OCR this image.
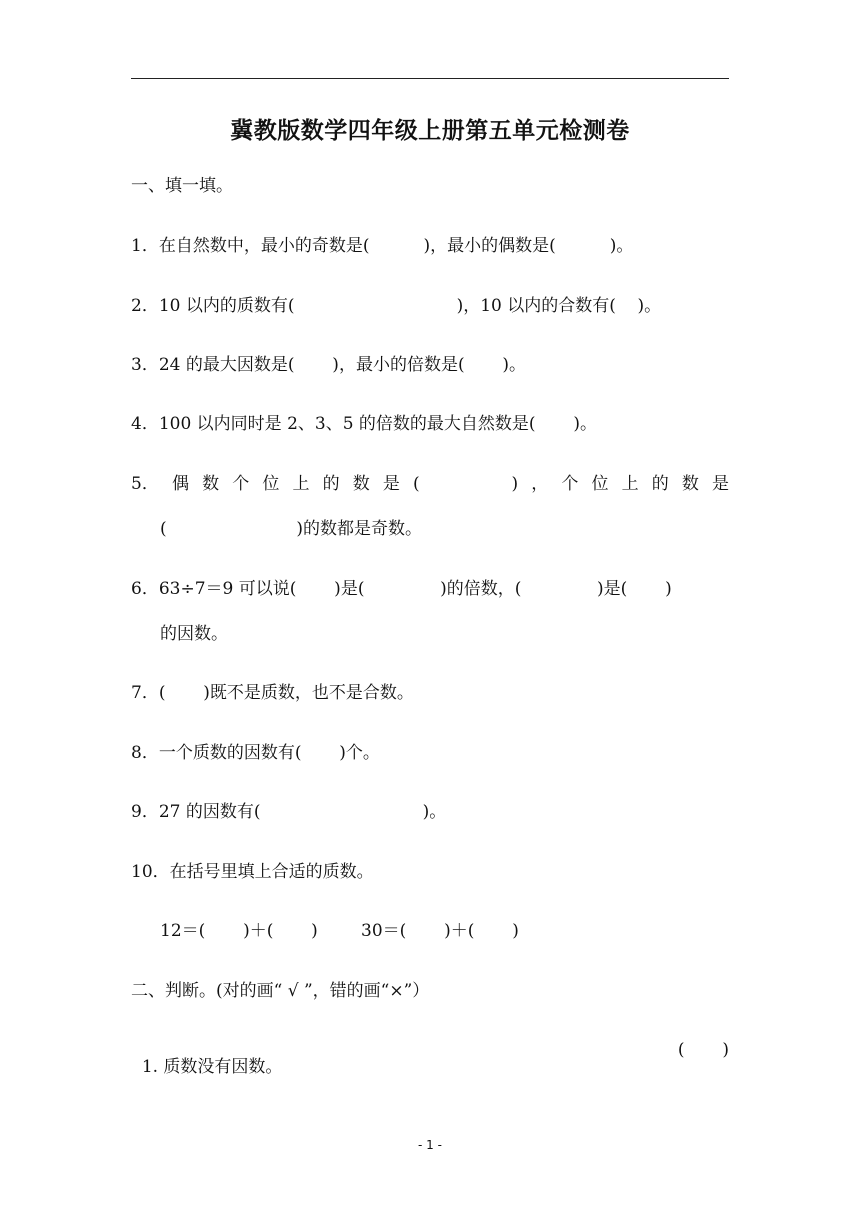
冀教版数学四年级上册第五单元检测卷
一、填一填。
1．在自然数中，最小的奇数是(          )，最小的偶数是(          )。
2．10 以内的质数有(                              )，10 以内的合数有(    )。
3．24 的最大因数是(       )，最小的倍数是(       )。
4．100 以内同时是 2、3、5 的倍数的最大自然数是(       )。
5． 偶 数 个 位 上 的 数 是 (	) ， 个 位 上 的 数 是
(                        )的数都是奇数。
6．63÷7＝9 可以说(       )是(              )的倍数，(              )是(       )
的因数。
7．(       )既不是质数，也不是合数。
8．一个质数的因数有(       )个。
9．27 的因数有(                              )。
10．在括号里填上合适的质数。
12＝(       )＋(       )        30＝(       )＋(       )
二、判断。(对的画“ √ ”，错的画“×”）

1. 质数没有因数。

(       )

- 1 -
